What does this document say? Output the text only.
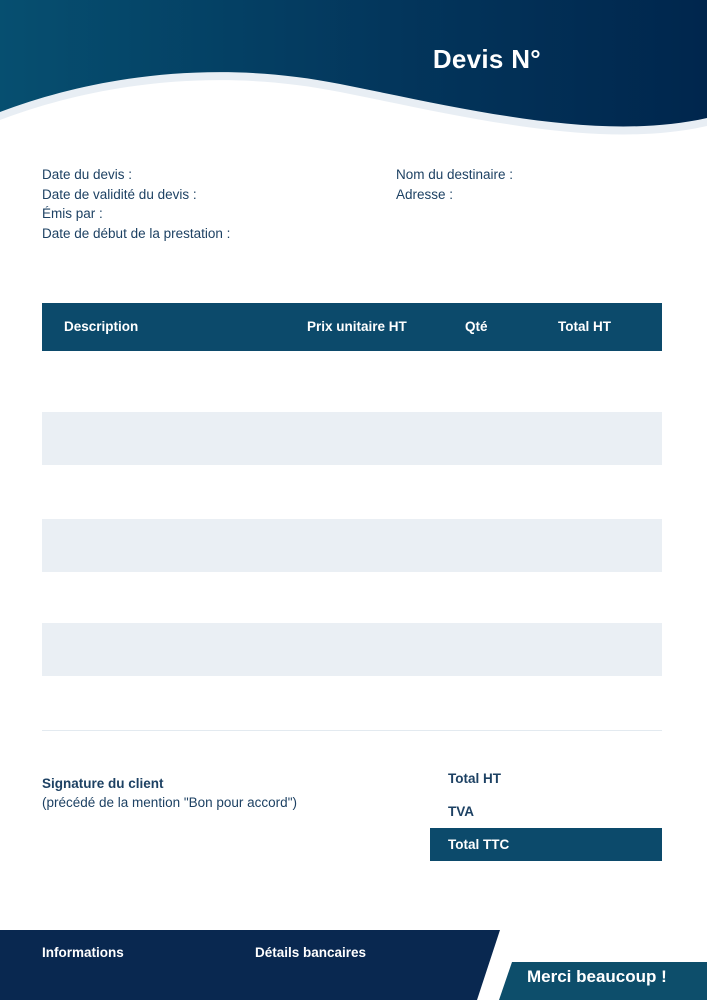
Devis N°
Date du devis :
Date de validité du devis :
Émis par :
Date de début de la prestation :
Nom du destinaire :
Adresse :
Description	Prix unitaire HT	Qté	Total HT
Signature du client
(précédé de la mention "Bon pour accord")
Total HT
TVA
Total TTC
Informations	Détails bancaires
Merci beaucoup !
